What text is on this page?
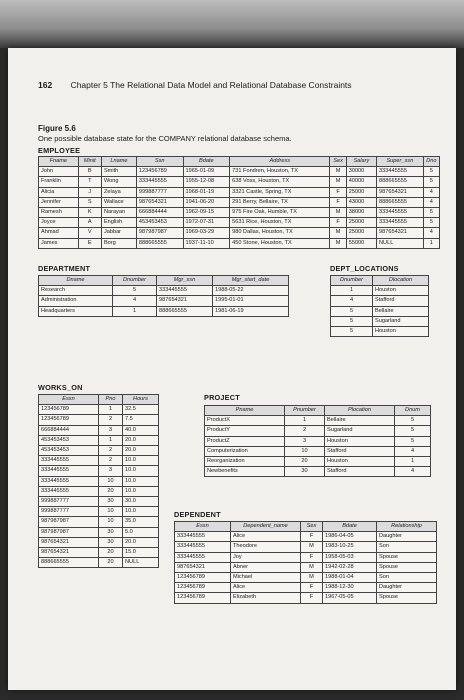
162 Chapter 5 The Relational Data Model and Relational Database Constraints
Figure 5.6
One possible database state for the COMPANY relational database schema.
EMPLOYEE
Fname	Minit	Lname	Ssn	Bdate	Address	Sex	Salary	Super_ssn	Dno
John	B	Smith	123456789	1965-01-09	731 Fondren, Houston, TX	M	30000	333445555	5
Franklin	T	Wong	333445555	1955-12-08	638 Voss, Houston, TX	M	40000	888665555	5
Alicia	J	Zelaya	999887777	1968-01-19	3321 Castle, Spring, TX	F	25000	987654321	4
Jennifer	S	Wallace	987654321	1941-06-20	291 Berry, Bellaire, TX	F	43000	888665555	4
Ramesh	K	Narayan	666884444	1962-09-15	975 Fire Oak, Humble, TX	M	38000	333445555	5
Joyce	A	English	453453453	1972-07-31	5631 Rice, Houston, TX	F	25000	333445555	5
Ahmad	V	Jabbar	987987987	1969-03-29	980 Dallas, Houston, TX	M	25000	987654321	4
James	E	Borg	888665555	1937-11-10	450 Stone, Houston, TX	M	55000	NULL	1
DEPARTMENT
Dname	Dnumber	Mgr_ssn	Mgr_start_date
Research	5	333445555	1988-05-22
Administration	4	987654321	1995-01-01
Headquarters	1	888665555	1981-06-19
DEPT_LOCATIONS
Dnumber	Dlocation
1	Houston
4	Stafford
5	Bellaire
5	Sugarland
5	Houston
WORKS_ON
Essn	Pno	Hours
123456789	1	32.5
123456789	2	7.5
666884444	3	40.0
453453453	1	20.0
453453453	2	20.0
333445555	2	10.0
333445555	3	10.0
333445555	10	10.0
333445555	20	10.0
999887777	30	30.0
999887777	10	10.0
987987987	10	35.0
987987987	30	5.0
987654321	30	20.0
987654321	20	15.0
888665555	20	NULL
PROJECT
Pname	Pnumber	Plocation	Dnum
ProductX	1	Bellaire	5
ProductY	2	Sugarland	5
ProductZ	3	Houston	5
Computerization	10	Stafford	4
Reorganization	20	Houston	1
Newbenefits	30	Stafford	4
DEPENDENT
Essn	Dependent_name	Sex	Bdate	Relationship
333445555	Alice	F	1986-04-05	Daughter
333445555	Theodore	M	1983-10-25	Son
333445555	Joy	F	1958-05-03	Spouse
987654321	Abner	M	1942-02-28	Spouse
123456789	Michael	M	1988-01-04	Son
123456789	Alice	F	1988-12-30	Daughter
123456789	Elizabeth	F	1967-05-05	Spouse
